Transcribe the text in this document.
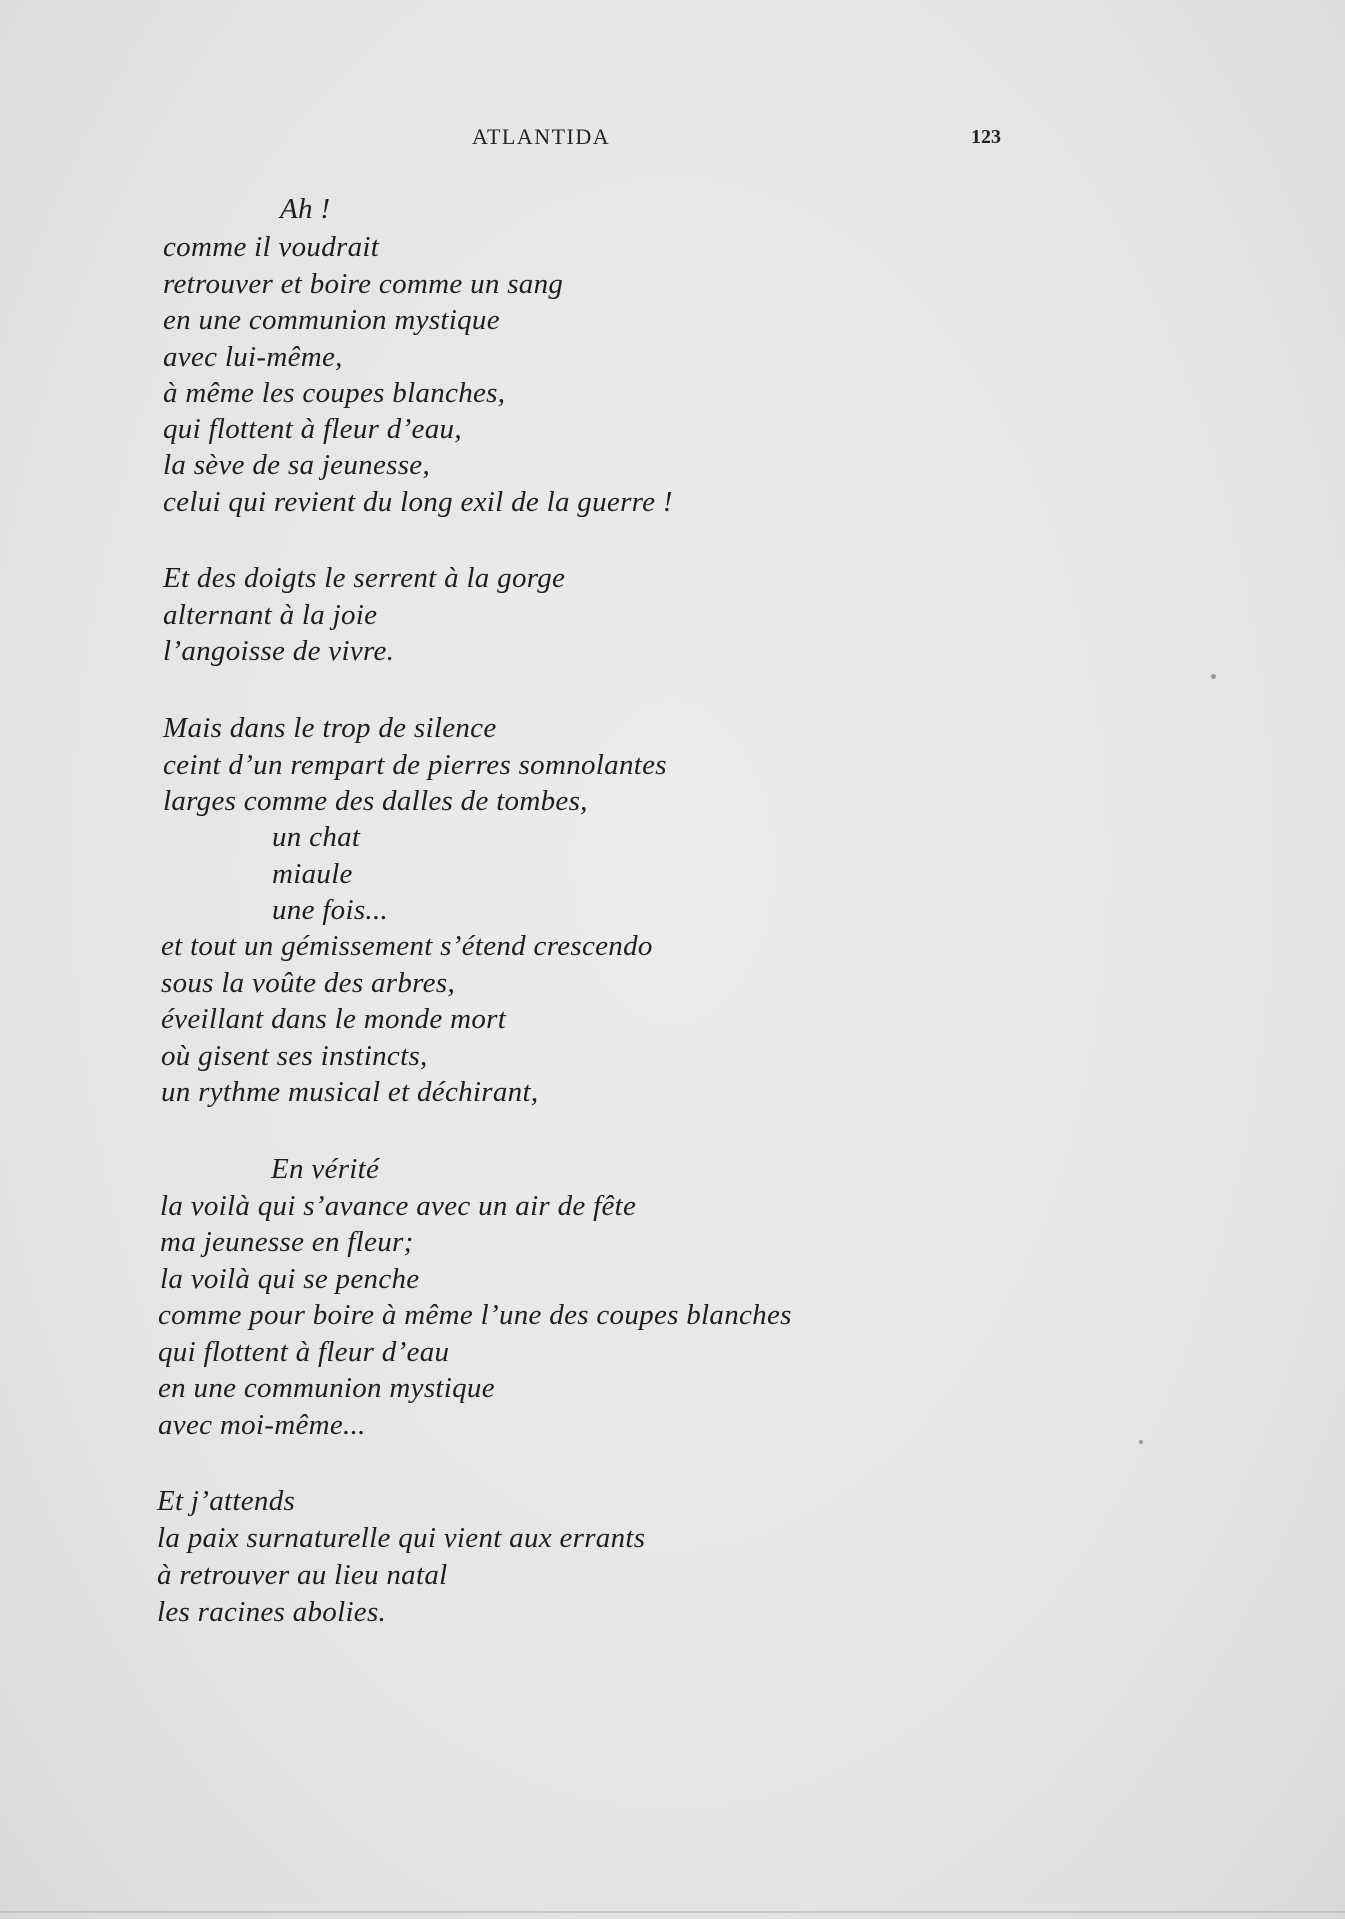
ATLANTIDA	123
Ah !
comme il voudrait
retrouver et boire comme un sang
en une communion mystique
avec lui-même,
à même les coupes blanches,
qui flottent à fleur d’eau,
la sève de sa jeunesse,
celui qui revient du long exil de la guerre !
Et des doigts le serrent à la gorge
alternant à la joie
l’angoisse de vivre.
Mais dans le trop de silence
ceint d’un rempart de pierres somnolantes
larges comme des dalles de tombes,
un chat
miaule
une fois...
et tout un gémissement s’étend crescendo
sous la voûte des arbres,
éveillant dans le monde mort
où gisent ses instincts,
un rythme musical et déchirant,
En vérité
la voilà qui s’avance avec un air de fête
ma jeunesse en fleur;
la voilà qui se penche
comme pour boire à même l’une des coupes blanches
qui flottent à fleur d’eau
en une communion mystique
avec moi-même...
Et j’attends
la paix surnaturelle qui vient aux errants
à retrouver au lieu natal
les racines abolies.
